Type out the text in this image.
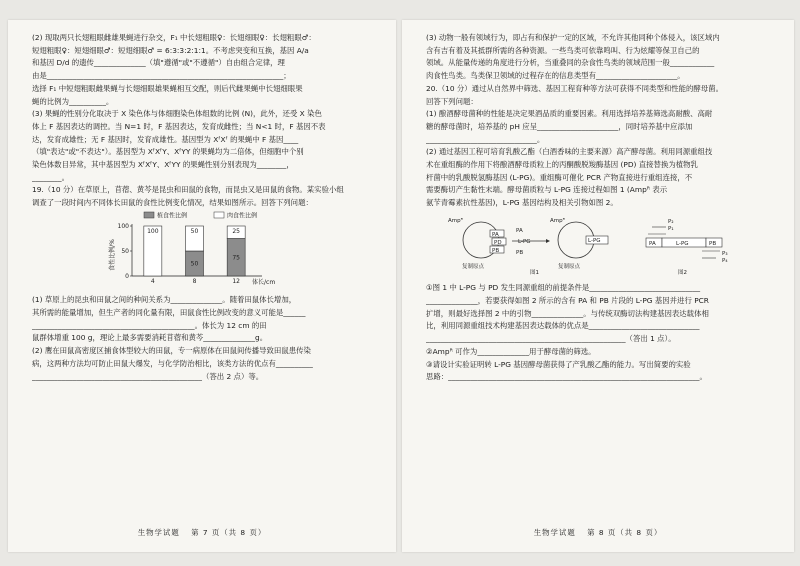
(2) 现取两只长翅粗眼雌雄果蝇进行杂交，F₁ 中长翅粗眼♀：长翅细眼♀：长翅粗眼♂：

短翅粗眼♀：短翅细眼♂：短翅细眼♂ = 6:3:3:2:1:1。不考虑突变和互换，基因 A/a

和基因 D/d 的遗传______________（填"遵循"或"不遵循"）自由组合定律，理

由是________________________________________________________________；

选择 F₁ 中短翅粗眼雌果蝇与长翅细眼雄果蝇相互交配，则后代雌果蝇中长翅细眼果

蝇的比例为__________。

(3) 果蝇的性别分化取决于 X 染色体与体细胞染色体组数的比例 (N)，此外，还受 X 染色

体上 F 基因表达的调控。当 N=1 时，F 基因表达，发育成雌性；当 N<1 时，F 基因不表

达，发育成雄性；无 F 基因时，发育成雄性。基因型为 XᶠXᶠ 的果蝇中 F 基因____

（填"表达"或"不表达"）。基因型为 XᶠXᶠY、XᶠYY 的果蝇均为二倍体，但细胞中个别

染色体数目异常，其中基因型为 XᶠXᶠY、XᶠYY 的果蝇性别分别表现为________，

________。

19.（10 分）在草原上，苜蓿、黄芩是昆虫和田鼠的食物，而昆虫又是田鼠的食物。某实验小组

调查了一段时间内不同体长田鼠的食性比例变化情况，结果如图所示。回答下列问题：

植食性比例	肉食性比例
食性比例/%
0
50
100
100
50
50
75
25
4	8	12 体长/cm

(1) 草原上的昆虫和田鼠之间的种间关系为______________。随着田鼠体长增加，

其所需的能量增加，但生产者的同化量有限，田鼠食性比例改变的意义可能是______

____________________________________________。体长为 12 cm 的田

鼠群体增重 100 g，理论上最多需要消耗苜蓿和黄芩______________g。

(2) 鹰在田鼠高密度区捕食体型较大的田鼠，专一病原体在田鼠间传播导致田鼠患传染

病，这两种方法均可防止田鼠大爆发，与化学防治相比，该类方法的优点有__________

______________________________________________（答出 2 点）等。

生物学试题 第 7 页（共 8 页）

(3) 动物一般有领域行为，即占有和保护一定的区域，不允许其他同种个体侵入，该区域内

含有吉有着及其抵群所需的各种资源。一些鸟类可依靠鸣叫、行为炫耀等保卫自己的

领域。从能量传递的角度进行分析，当重叠同的杂食性鸟类的领域范围一般____________

肉食性鸟类。鸟类保卫领域的过程存在的信息类型有______________________。

20.（10 分）通过从自然界中筛选、基因工程育种等方法可获得不同类型和性能的酵母菌。

回答下列问题：

(1) 酿酒酵母菌种的性能是决定果酒品质的重要因素。利用选择培养基筛选高耐酸、高耐

糖的酵母菌时，培养基的 pH 应呈______________________，同时培养基中应添加

______________________________。

(2) 通过基因工程可培育乳酸乙酯（白酒香味的主要来源）高产酵母菌。利用同源重组技

术在重组酶的作用下将酿酒酵母质粒上的丙酮酸脱羧酶基因 (PD) 直接替换为植物乳

杆菌中的乳酸脱氢酶基因 (L-PG)。重组酶可催化 PCR 产物直接进行重组连接，不

需要酶切产生黏性末端。酵母菌质粒与 L-PG 连接过程如图 1 (Ampᴿ 表示

氨苄青霉素抗性基因)，L-PG 基因结构及相关引物如图 2。

Ampᴿ
复制原点
PA
PD
PB
PA
L-PG
PB
Ampᴿ
复制原点
L-PG
图1
PA	L-PG	PB
P₁
P₂
P₃
P₄
图2

①图 1 中 L-PG 与 PD 发生同源重组的前提条件是______________________________

______________，若要获得如图 2 所示的含有 PA 和 PB 片段的 L-PG 基因并进行 PCR

扩增，则最好选择图 2 中的引物______________。与传统双酶切法构建基因表达载体相

比，利用同源重组技术构建基因表达载体的优点是______________________________

______________________________________________________（答出 1 点）。

②Ampᴿ 可作为______________用于酵母菌的筛选。

③请设计实验证明转 L-PG 基因酵母菌获得了产乳酸乙酯的能力。写出简要的实验

思路：____________________________________________________________________。

生物学试题 第 8 页（共 8 页）
